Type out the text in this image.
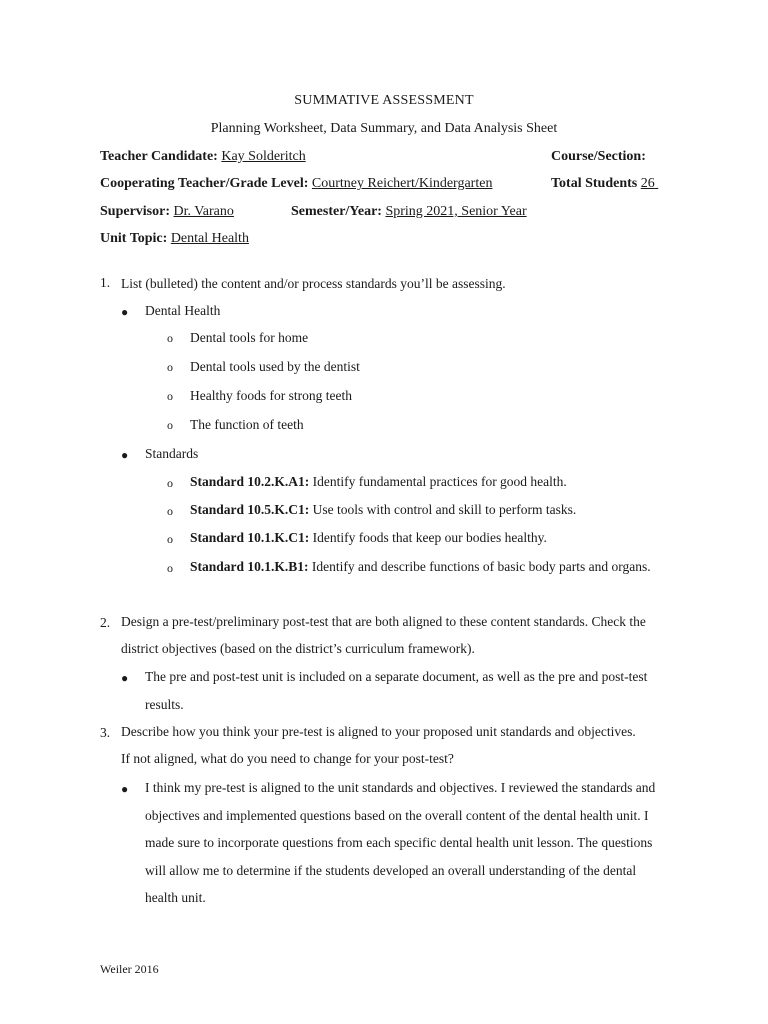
SUMMATIVE ASSESSMENT
Planning Worksheet, Data Summary, and Data Analysis Sheet
Teacher Candidate: Kay Solderitch	Course/Section:
Cooperating Teacher/Grade Level: Courtney Reichert/Kindergarten	Total Students 26
Supervisor: Dr. Varano	Semester/Year: Spring 2021, Senior Year
Unit Topic: Dental Health
1. List (bulleted) the content and/or process standards you’ll be assessing.
● Dental Health
o Dental tools for home
o Dental tools used by the dentist
o Healthy foods for strong teeth
o The function of teeth
● Standards
o Standard 10.2.K.A1: Identify fundamental practices for good health.
o Standard 10.5.K.C1: Use tools with control and skill to perform tasks.
o Standard 10.1.K.C1: Identify foods that keep our bodies healthy.
o Standard 10.1.K.B1: Identify and describe functions of basic body parts and organs.
2. Design a pre-test/preliminary post-test that are both aligned to these content standards. Check the district objectives (based on the district’s curriculum framework).
● The pre and post-test unit is included on a separate document, as well as the pre and post-test results.
3. Describe how you think your pre-test is aligned to your proposed unit standards and objectives. If not aligned, what do you need to change for your post-test?
● I think my pre-test is aligned to the unit standards and objectives. I reviewed the standards and objectives and implemented questions based on the overall content of the dental health unit. I made sure to incorporate questions from each specific dental health unit lesson. The questions will allow me to determine if the students developed an overall understanding of the dental health unit.
Weiler 2016
